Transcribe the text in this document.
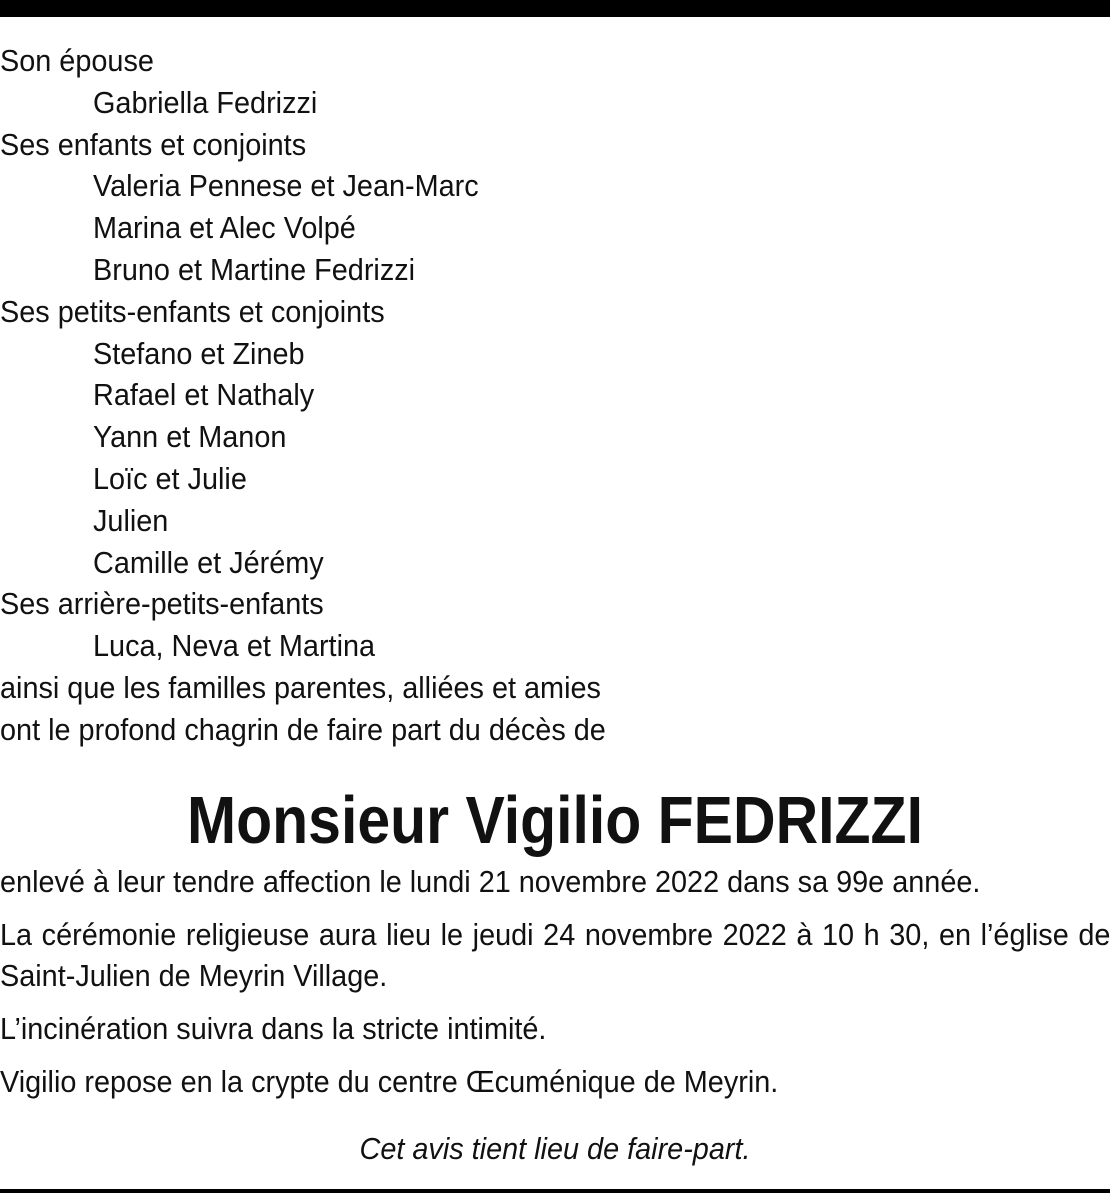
Son épouse
Gabriella Fedrizzi
Ses enfants et conjoints
Valeria Pennese et Jean-Marc
Marina et Alec Volpé
Bruno et Martine Fedrizzi
Ses petits-enfants et conjoints
Stefano et Zineb
Rafael et Nathaly
Yann et Manon
Loïc et Julie
Julien
Camille et Jérémy
Ses arrière-petits-enfants
Luca, Neva et Martina
ainsi que les familles parentes, alliées et amies
ont le profond chagrin de faire part du décès de
Monsieur Vigilio FEDRIZZI
enlevé à leur tendre affection le lundi 21 novembre 2022 dans sa 99e année.
La cérémonie religieuse aura lieu le jeudi 24 novembre 2022 à 10 h 30, en l’église de Saint-Julien de Meyrin Village.
L’incinération suivra dans la stricte intimité.
Vigilio repose en la crypte du centre Œcuménique de Meyrin.
Cet avis tient lieu de faire-part.
